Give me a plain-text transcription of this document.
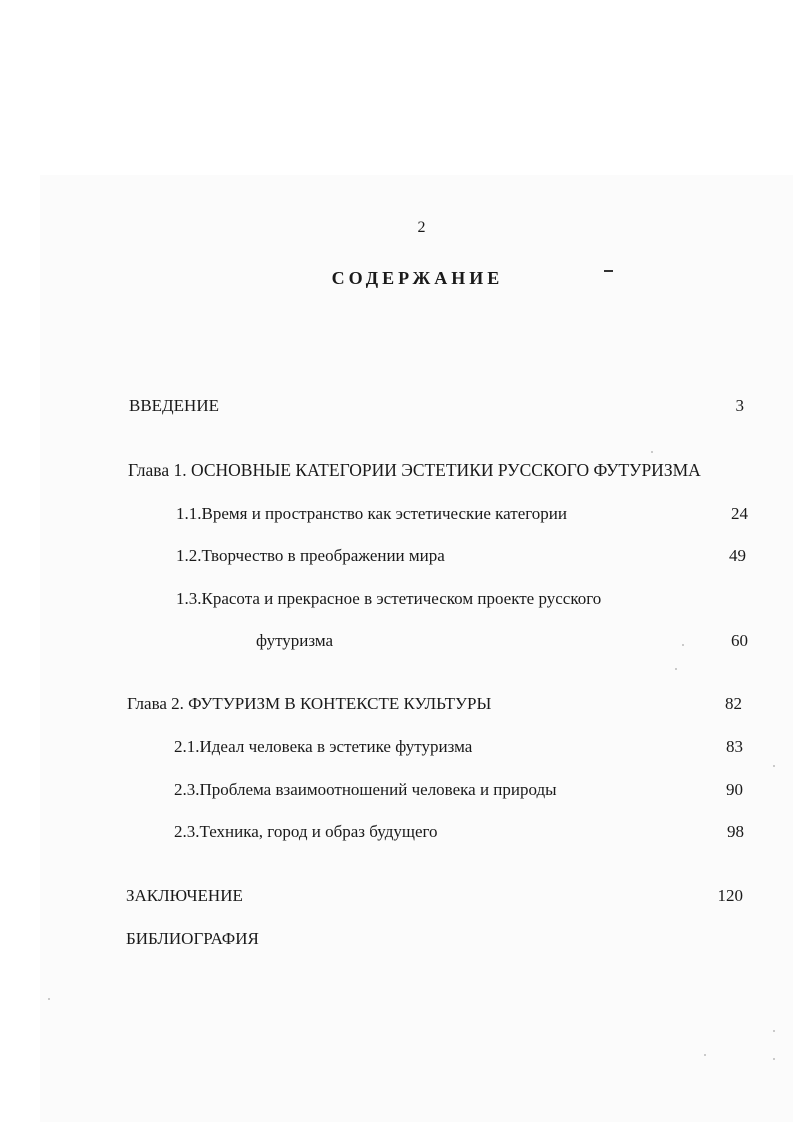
2
СОДЕРЖАНИЕ
ВВЕДЕНИЕ	3
Глава 1. ОСНОВНЫЕ КАТЕГОРИИ ЭСТЕТИКИ РУССКОГО ФУТУРИЗМА
1.1.Время и пространство как эстетические категории	24
1.2.Творчество в преображении мира	49
1.3.Красота и прекрасное в эстетическом проекте русского
футуризма	60
Глава 2. ФУТУРИЗМ В КОНТЕКСТЕ КУЛЬТУРЫ	82
2.1.Идеал человека в эстетике футуризма	83
2.3.Проблема взаимоотношений человека и природы	90
2.3.Техника, город и образ будущего	98
ЗАКЛЮЧЕНИЕ	120
БИБЛИОГРАФИЯ
